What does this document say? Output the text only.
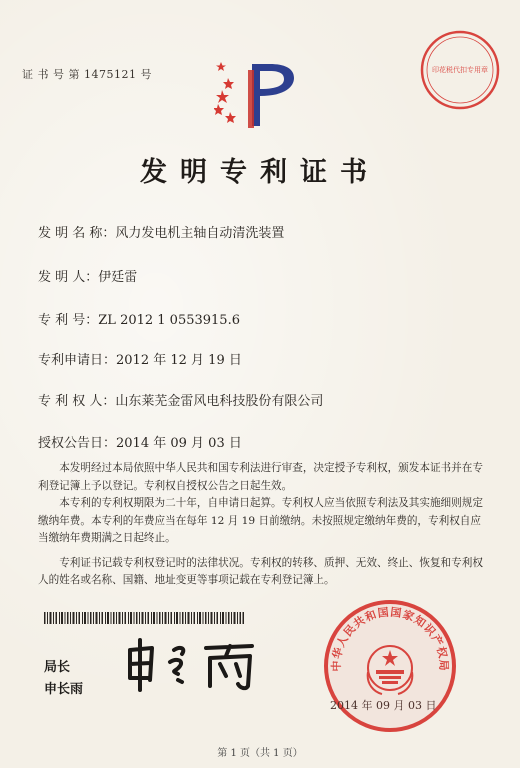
证 书 号 第 1475121 号	印花税代扣专用章
发明专利证书
发 明 名 称：风力发电机主轴自动清洗装置
发 明 人：伊廷雷
专 利 号：ZL 2012 1 0553915.6
专利申请日：2012 年 12 月 19 日
专 利 权 人：山东莱芜金雷风电科技股份有限公司
授权公告日：2014 年 09 月 03 日

本发明经过本局依照中华人民共和国专利法进行审查，决定授予专利权，颁发本证书并在专利登记簿上予以登记。专利权自授权公告之日起生效。

本专利的专利权期限为二十年，自申请日起算。专利权人应当依照专利法及其实施细则规定缴纳年费。本专利的年费应当在每年 12 月 19 日前缴纳。未按照规定缴纳年费的，专利权自应当缴纳年费期满之日起终止。

专利证书记载专利权登记时的法律状况。专利权的转移、质押、无效、终止、恢复和专利权人的姓名或名称、国籍、地址变更等事项记载在专利登记簿上。

局长
申长雨
中华人民共和国国家知识产权局
2014 年 09 月 03 日
第 1 页（共 1 页）
